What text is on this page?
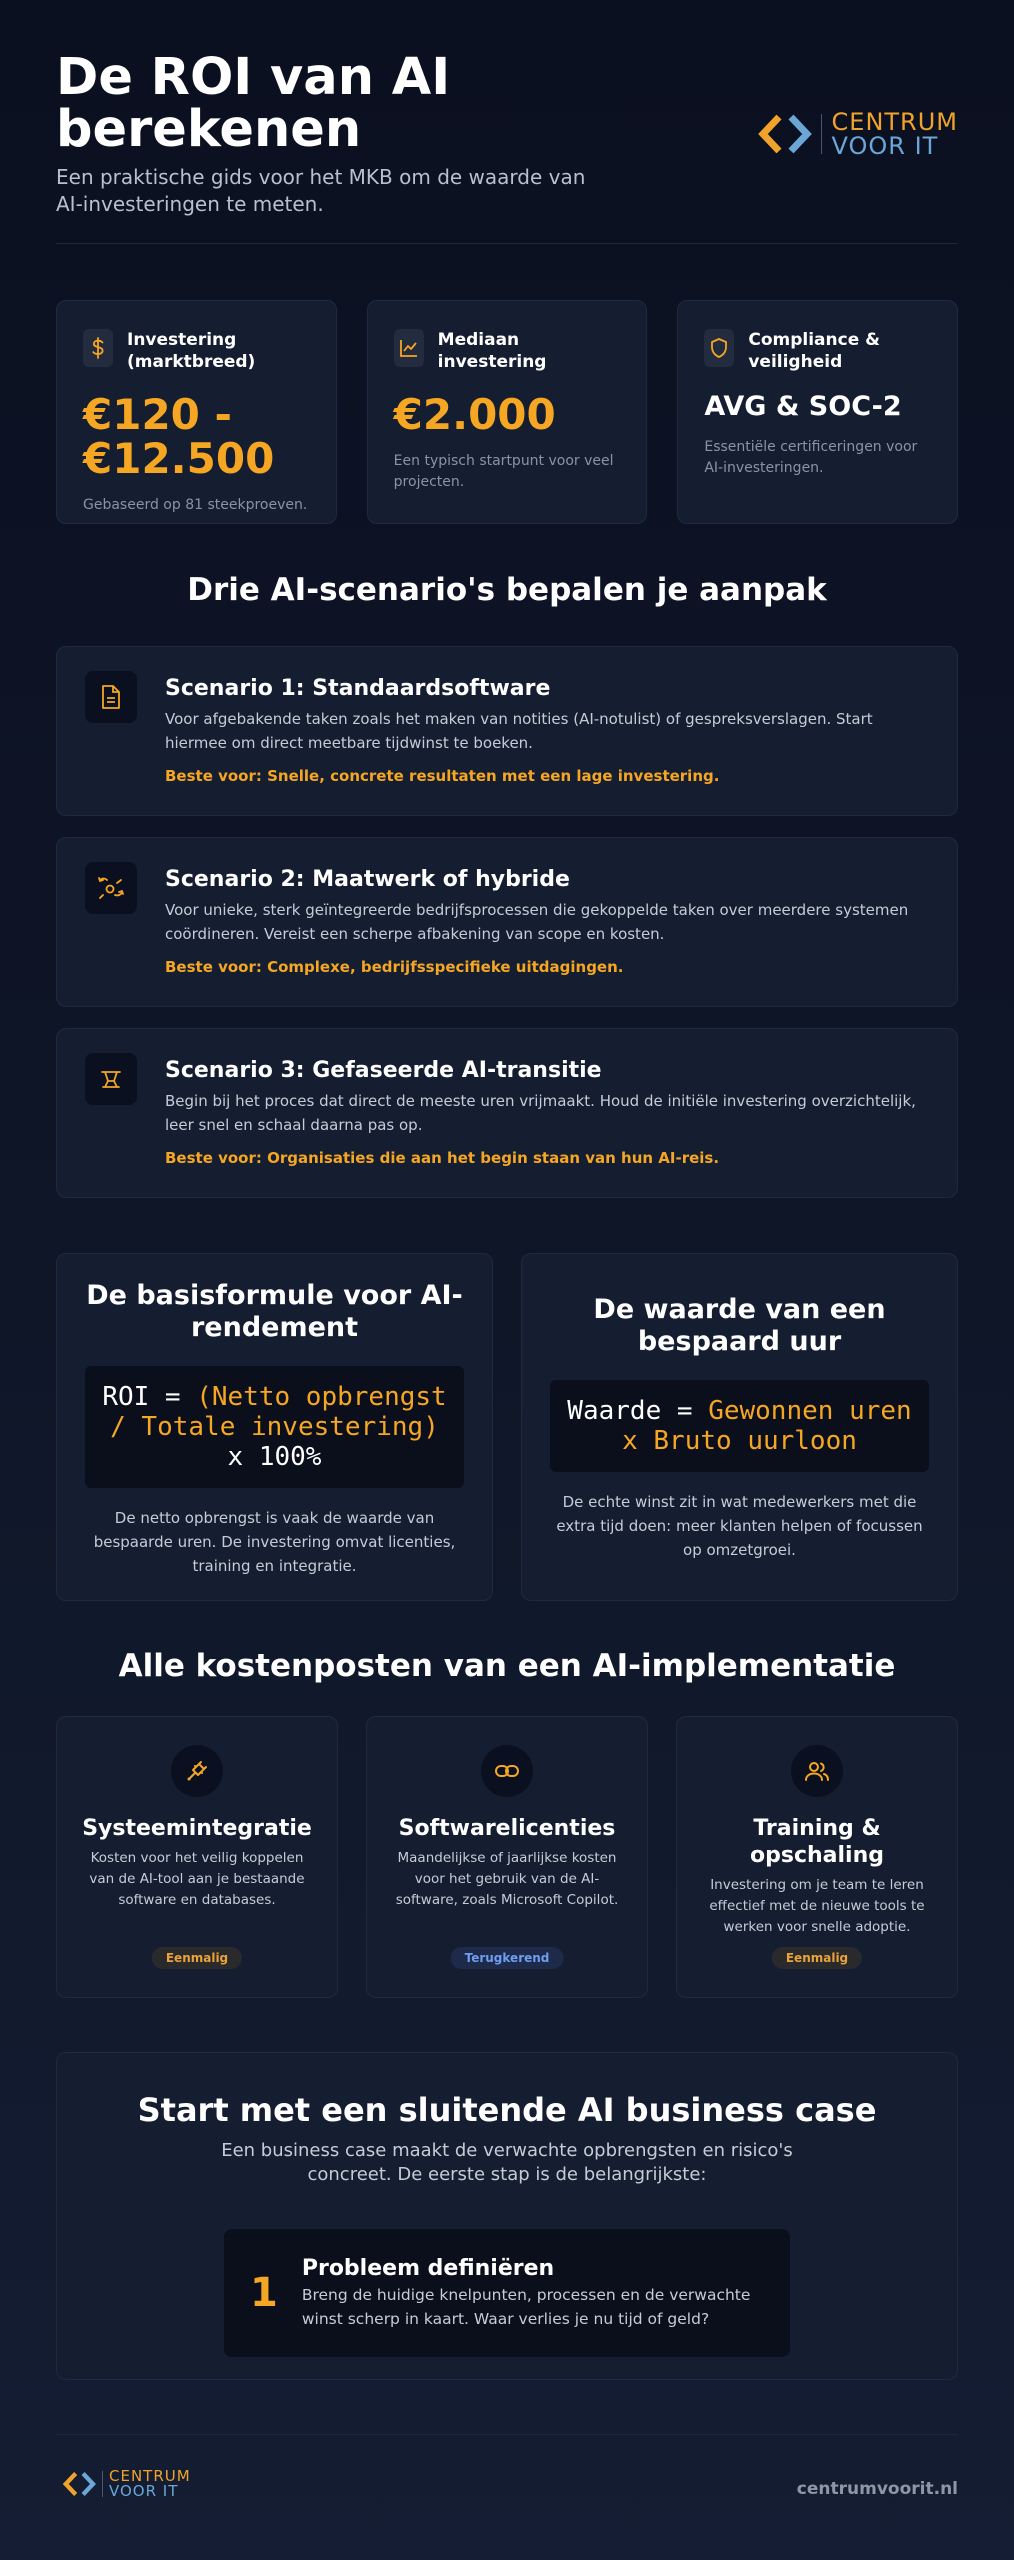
De ROI van AI berekenen
Een praktische gids voor het MKB om de waarde van AI-investeringen te meten.
CENTRUM
VOOR IT
Investering (marktbreed)
€120 - €12.500
Gebaseerd op 81 steekproeven.
Mediaan investering
€2.000
Een typisch startpunt voor veel projecten.
Compliance & veiligheid
AVG & SOC-2
Essentiële certificeringen voor AI-investeringen.
Drie AI-scenario's bepalen je aanpak
Scenario 1: Standaardsoftware
Voor afgebakende taken zoals het maken van notities (AI-notulist) of gespreksverslagen. Start hiermee om direct meetbare tijdwinst te boeken.
Beste voor: Snelle, concrete resultaten met een lage investering.
Scenario 2: Maatwerk of hybride
Voor unieke, sterk geïntegreerde bedrijfsprocessen die gekoppelde taken over meerdere systemen coördineren. Vereist een scherpe afbakening van scope en kosten.
Beste voor: Complexe, bedrijfsspecifieke uitdagingen.
Scenario 3: Gefaseerde AI-transitie
Begin bij het proces dat direct de meeste uren vrijmaakt. Houd de initiële investering overzichtelijk, leer snel en schaal daarna pas op.
Beste voor: Organisaties die aan het begin staan van hun AI-reis.
De basisformule voor AI-rendement
ROI = (Netto opbrengst / Totale investering) x 100%

De netto opbrengst is vaak de waarde van bespaarde uren. De investering omvat licenties, training en integratie.

De waarde van een bespaard uur
Waarde = Gewonnen uren x Bruto uurloon

De echte winst zit in wat medewerkers met die extra tijd doen: meer klanten helpen of focussen op omzetgroei.

Alle kostenposten van een AI-implementatie
Systeemintegratie

Kosten voor het veilig koppelen van de AI-tool aan je bestaande software en databases.

Eenmalig
Softwarelicenties

Maandelijkse of jaarlijkse kosten voor het gebruik van de AI-software, zoals Microsoft Copilot.

Terugkerend
Training & opschaling

Investering om je team te leren effectief met de nieuwe tools te werken voor snelle adoptie.

Eenmalig
Start met een sluitende AI business case
Een business case maakt de verwachte opbrengsten en risico's concreet. De eerste stap is de belangrijkste:
1
Probleem definiëren
Breng de huidige knelpunten, processen en de verwachte winst scherp in kaart. Waar verlies je nu tijd of geld?
CENTRUM
VOOR IT	centrumvoorit.nl
